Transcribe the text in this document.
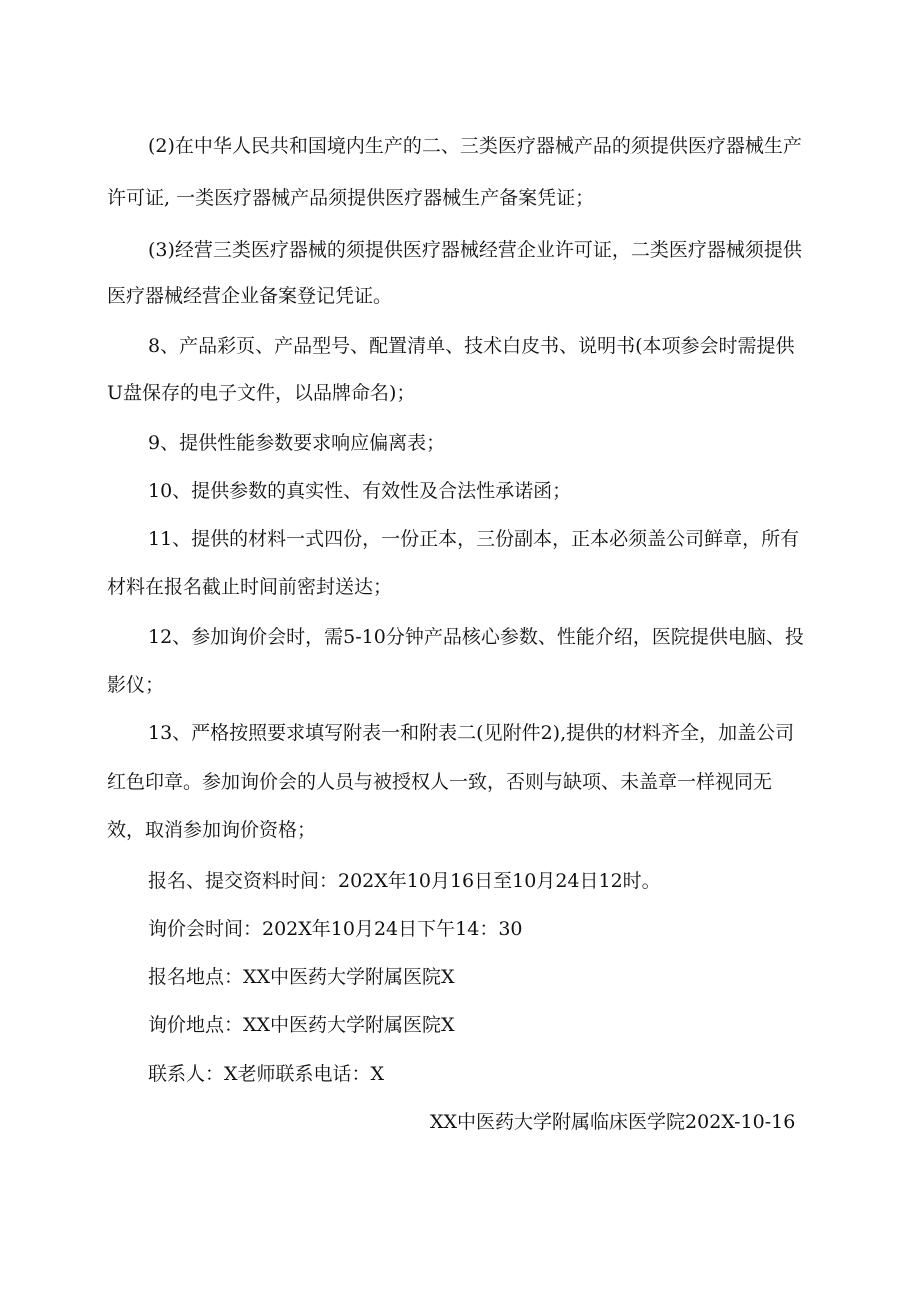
(2)在中华人民共和国境内生产的二、三类医疗器械产品的须提供医疗器械生产
许可证, 一类医疗器械产品须提供医疗器械生产备案凭证；
(3)经营三类医疗器械的须提供医疗器械经营企业许可证，二类医疗器械须提供
医疗器械经营企业备案登记凭证。
8、产品彩页、产品型号、配置清单、技术白皮书、说明书(本项参会时需提供
U盘保存的电子文件，以品牌命名)；
9、提供性能参数要求响应偏离表；
10、提供参数的真实性、有效性及合法性承诺函；
11、提供的材料一式四份，一份正本，三份副本，正本必须盖公司鲜章，所有
材料在报名截止时间前密封送达；
12、参加询价会时，需5-10分钟产品核心参数、性能介绍，医院提供电脑、投
影仪；
13、严格按照要求填写附表一和附表二(见附件2),提供的材料齐全，加盖公司
红色印章。参加询价会的人员与被授权人一致，否则与缺项、未盖章一样视同无
效，取消参加询价资格；
报名、提交资料时间：202X年10月16日至10月24日12时。
询价会时间：202X年10月24日下午14：30
报名地点：XX中医药大学附属医院X
询价地点：XX中医药大学附属医院X
联系人：X老师联系电话：X
XX中医药大学附属临床医学院202X-10-16
